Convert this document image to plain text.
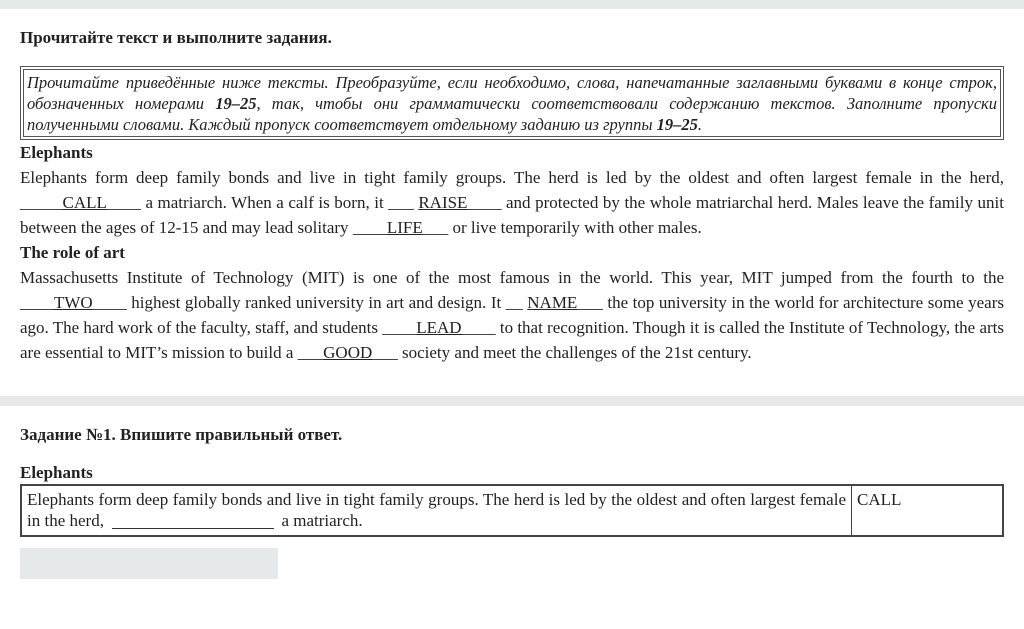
Прочитайте текст и выполните задания.
Прочитайте приведённые ниже тексты. Преобразуйте, если необходимо, слова, напечатанные заглавными буквами в конце строк, обозначенных номерами 19–25, так, чтобы они грамматически соответствовали содержанию текстов. Заполните пропуски полученными словами. Каждый пропуск соответствует отдельному заданию из группы 19–25.
Elephants

Elephants form deep family bonds and live in tight family groups. The herd is led by the oldest and often largest female in the herd, _____CALL____ a matriarch. When a calf is born, it ___ RAISE____ and protected by the whole matriarchal herd. Males leave the family unit between the ages of 12-15 and may lead solitary ____LIFE___ or live temporarily with other males.

The role of art

Massachusetts Institute of Technology (MIT) is one of the most famous in the world. This year, MIT jumped from the fourth to the ____TWO____ highest globally ranked university in art and design. It __ NAME___ the top university in the world for architecture some years ago. The hard work of the faculty, staff, and students ____LEAD____ to that recognition. Though it is called the Institute of Technology, the arts are essential to MIT’s mission to build a ___GOOD___ society and meet the challenges of the 21st century.

Задание №1. Впишите правильный ответ.
Elephants
Elephants form deep family bonds and live in tight family groups. The herd is led by the oldest and often largest female in the herd,	a matriarch.	CALL
